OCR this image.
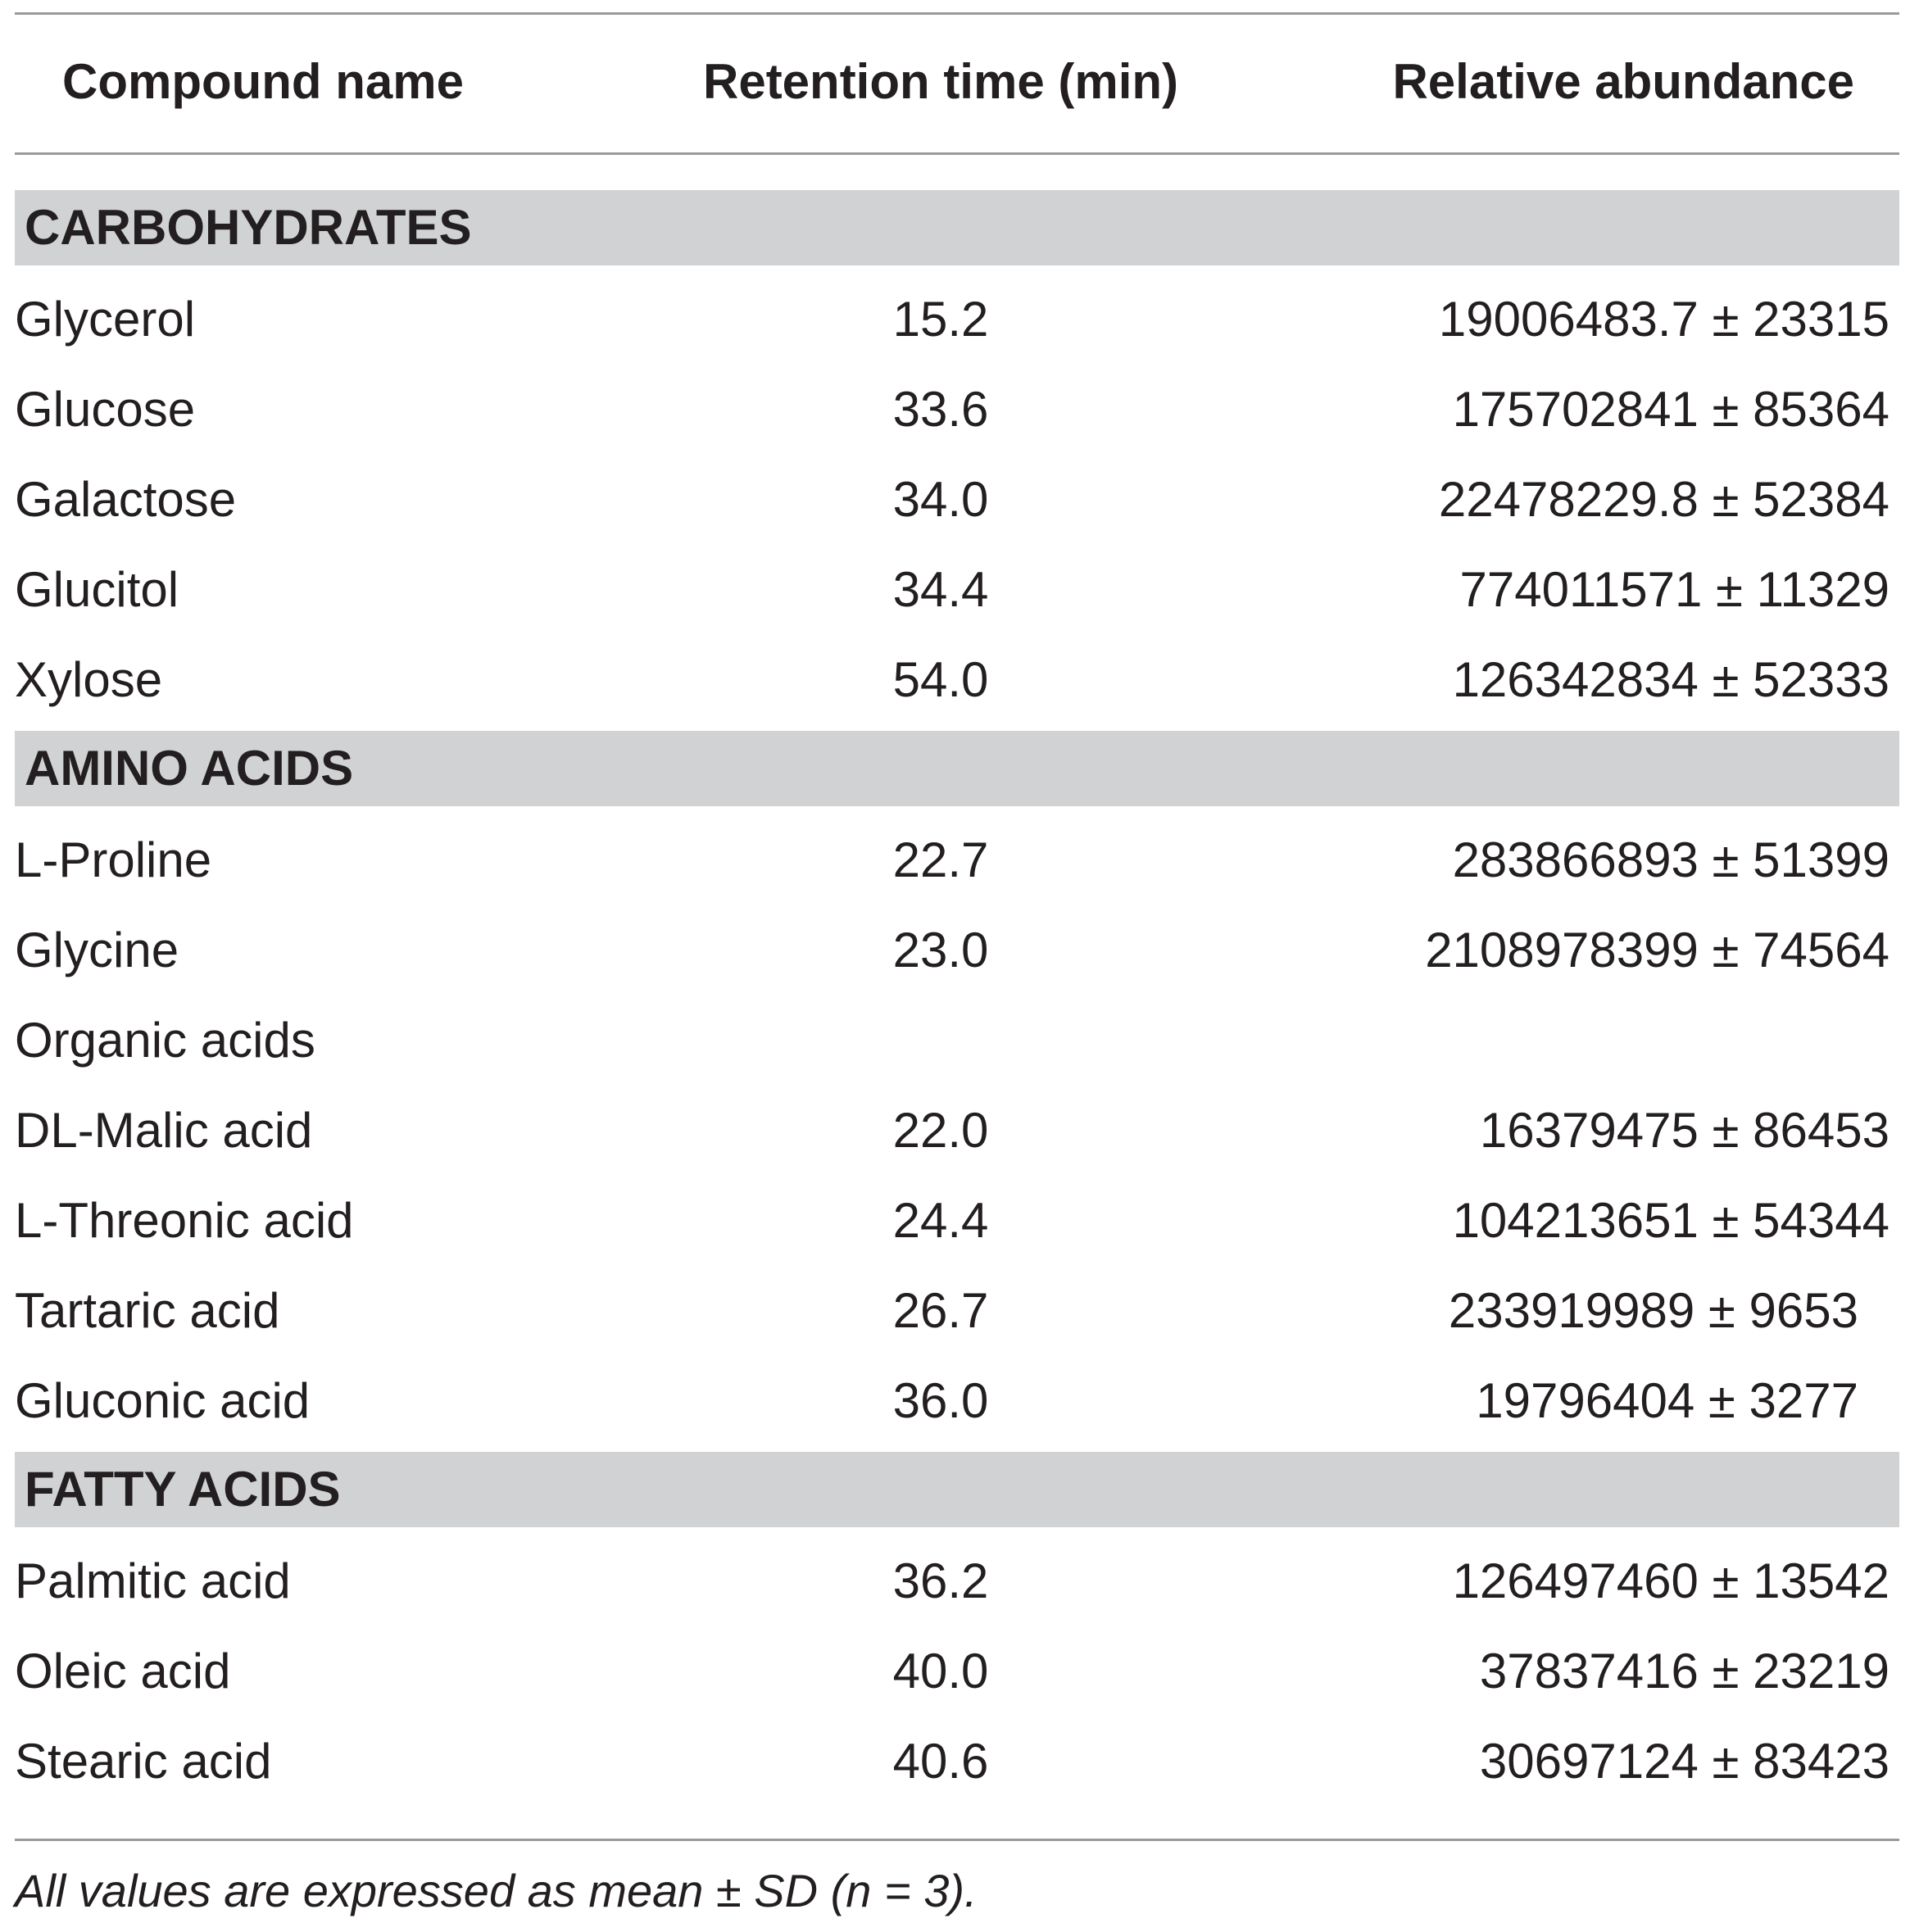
Compound name	Retention time (min)	Relative abundance
CARBOHYDRATES
Glycerol	15.2	19006483.7 ± 23315
Glucose	33.6	175702841 ± 85364
Galactose	34.0	22478229.8 ± 52384
Glucitol	34.4	774011571 ± 11329
Xylose	54.0	126342834 ± 52333
AMINO ACIDS
L-Proline	22.7	283866893 ± 51399
Glycine	23.0	2108978399 ± 74564
Organic acids
DL-Malic acid	22.0	16379475 ± 86453
L-Threonic acid	24.4	104213651 ± 54344
Tartaric acid	26.7	233919989 ± 9653
Gluconic acid	36.0	19796404 ± 3277
FATTY ACIDS
Palmitic acid	36.2	126497460 ± 13542
Oleic acid	40.0	37837416 ± 23219
Stearic acid	40.6	30697124 ± 83423
All values are expressed as mean ± SD (n = 3).
